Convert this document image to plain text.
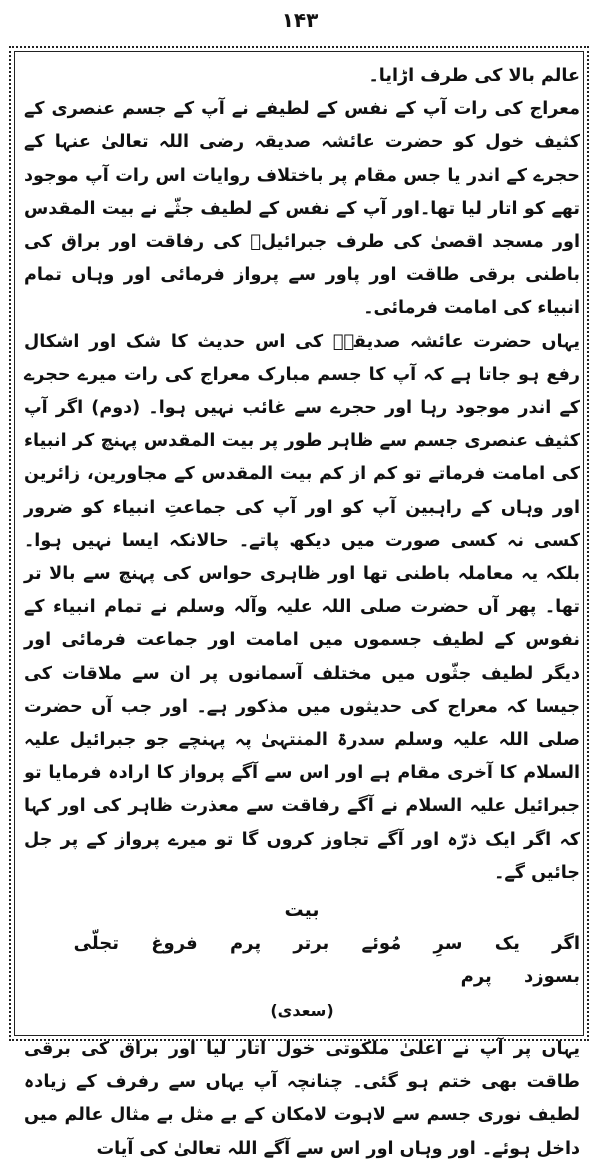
۱۴۳

عالم بالا کی طرف اڑایا۔

معراج کی رات آپ کے نفس کے لطیفے نے آپ کے جسم عنصری کے کثیف خول کو حضرت عائشہ صدیقہ رضی اللہ تعالیٰ عنہا کے حجرے کے اندر یا جس مقام پر باختلاف روایات اس رات آپ موجود تھے کو اتار لیا تھا۔اور آپ کے نفس کے لطیف جثّے نے بیت المقدس اور مسجد اقصیٰ کی طرف جبرائیلؑ کی رفاقت اور براق کی باطنی برقی طاقت اور پاور سے پرواز فرمائی اور وہاں تمام انبیاء کی امامت فرمائی۔

یہاں حضرت عائشہ صدیقہؓ کی اس حدیث کا شک اور اشکال رفع ہو جاتا ہے کہ آپ کا جسم مبارک معراج کی رات میرے حجرے کے اندر موجود رہا اور حجرے سے غائب نہیں ہوا۔ (دوم) اگر آپ کثیف عنصری جسم سے ظاہر طور پر بیت المقدس پہنچ کر انبیاء کی امامت فرماتے تو کم از کم بیت المقدس کے مجاورین، زائرین اور وہاں کے راہبین آپ کو اور آپ کی جماعتِ انبیاء کو ضرور کسی نہ کسی صورت میں دیکھ پاتے۔ حالانکہ ایسا نہیں ہوا۔ بلکہ یہ معاملہ باطنی تھا اور ظاہری حواس کی پہنچ سے بالا تر تھا۔ پھر آں حضرت صلی اللہ علیہ وآلہ وسلم نے تمام انبیاء کے نفوس کے لطیف جسموں میں امامت اور جماعت فرمائی اور دیگر لطیف جثّوں میں مختلف آسمانوں پر ان سے ملاقات کی جیسا کہ معراج کی حدیثوں میں مذکور ہے۔ اور جب آں حضرت صلی اللہ علیہ وسلم سدرۃ المنتہیٰ پہ پہنچے جو جبرائیل علیہ السلام کا آخری مقام ہے اور اس سے آگے پرواز کا ارادہ فرمایا تو جبرائیل علیہ السلام نے آگے رفاقت سے معذرت ظاہر کی اور کہا کہ اگر ایک ذرّہ اور آگے تجاوز کروں گا تو میرے پرواز کے پر جل جائیں گے۔

بیت

اگر یک سرِ مُوئے برتر پرم فروغ تجلّی بسوزد پرم

(سعدی)

یہاں پر آپ نے اعلیٰ ملکوتی خول اتار لیا اور براق کی برقی طاقت بھی ختم ہو گئی۔ چنانچہ آپ یہاں سے رفرف کے زیادہ لطیف نوری جسم سے لاہوت لامکان کے بے مثل بے مثال عالم میں داخل ہوئے۔ اور وہاں اور اس سے آگے اللہ تعالیٰ کی آیات
